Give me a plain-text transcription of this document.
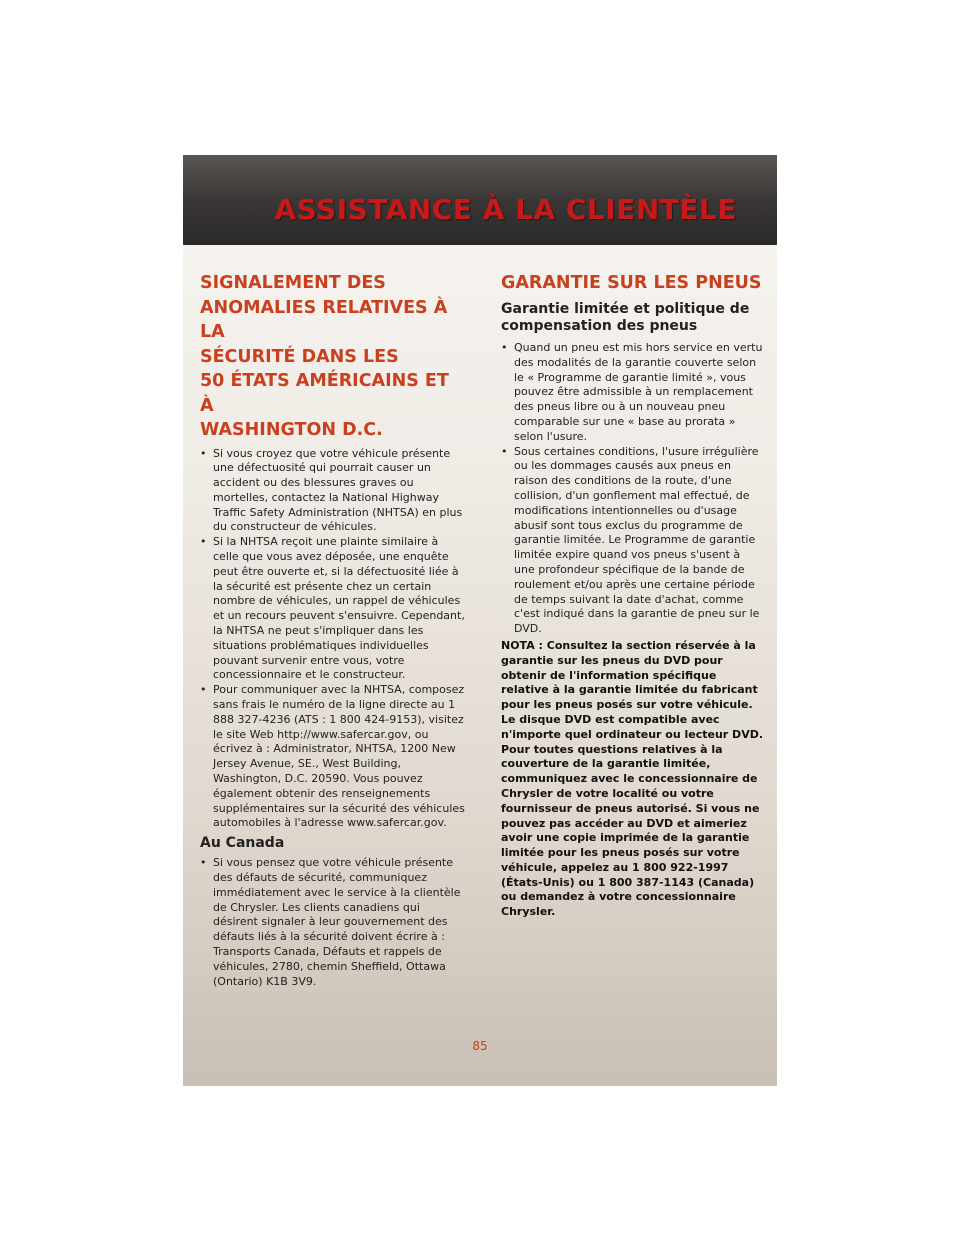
ASSISTANCE À LA CLIENTÈLE
SIGNALEMENT DES
ANOMALIES RELATIVES À LA
SÉCURITÉ DANS LES
50 ÉTATS AMÉRICAINS ET À
WASHINGTON D.C.
• Si vous croyez que votre véhicule présente une défectuosité qui pourrait causer un accident ou des blessures graves ou mortelles, contactez la National Highway Traffic Safety Administration (NHTSA) en plus du constructeur de véhicules.
• Si la NHTSA reçoit une plainte similaire à celle que vous avez déposée, une enquête peut être ouverte et, si la défectuosité liée à la sécurité est présente chez un certain nombre de véhicules, un rappel de véhicules et un recours peuvent s'ensuivre. Cependant, la NHTSA ne peut s'impliquer dans les situations problématiques individuelles pouvant survenir entre vous, votre concessionnaire et le constructeur.
• Pour communiquer avec la NHTSA, composez sans frais le numéro de la ligne directe au 1 888 327-4236 (ATS : 1 800 424-9153), visitez le site Web http://www.safercar.gov, ou écrivez à : Administrator, NHTSA, 1200 New Jersey Avenue, SE., West Building, Washington, D.C. 20590. Vous pouvez également obtenir des renseignements supplémentaires sur la sécurité des véhicules automobiles à l'adresse www.safercar.gov.
Au Canada
• Si vous pensez que votre véhicule présente des défauts de sécurité, communiquez immédiatement avec le service à la clientèle de Chrysler. Les clients canadiens qui désirent signaler à leur gouvernement des défauts liés à la sécurité doivent écrire à : Transports Canada, Défauts et rappels de véhicules, 2780, chemin Sheffield, Ottawa (Ontario) K1B 3V9.
GARANTIE SUR LES PNEUS
Garantie limitée et politique de compensation des pneus
• Quand un pneu est mis hors service en vertu des modalités de la garantie couverte selon le « Programme de garantie limité », vous pouvez être admissible à un remplacement des pneus libre ou à un nouveau pneu comparable sur une « base au prorata » selon l'usure.
• Sous certaines conditions, l'usure irrégulière ou les dommages causés aux pneus en raison des conditions de la route, d'une collision, d'un gonflement mal effectué, de modifications intentionnelles ou d'usage abusif sont tous exclus du programme de garantie limitée. Le Programme de garantie limitée expire quand vos pneus s'usent à une profondeur spécifique de la bande de roulement et/ou après une certaine période de temps suivant la date d'achat, comme c'est indiqué dans la garantie de pneu sur le DVD.

NOTA : Consultez la section réservée à la garantie sur les pneus du DVD pour obtenir de l'information spécifique relative à la garantie limitée du fabricant pour les pneus posés sur votre véhicule. Le disque DVD est compatible avec n'importe quel ordinateur ou lecteur DVD. Pour toutes questions relatives à la couverture de la garantie limitée, communiquez avec le concessionnaire de Chrysler de votre localité ou votre fournisseur de pneus autorisé. Si vous ne pouvez pas accéder au DVD et aimeriez avoir une copie imprimée de la garantie limitée pour les pneus posés sur votre véhicule, appelez au 1 800 922-1997 (États-Unis) ou 1 800 387-1143 (Canada) ou demandez à votre concessionnaire Chrysler.

85
